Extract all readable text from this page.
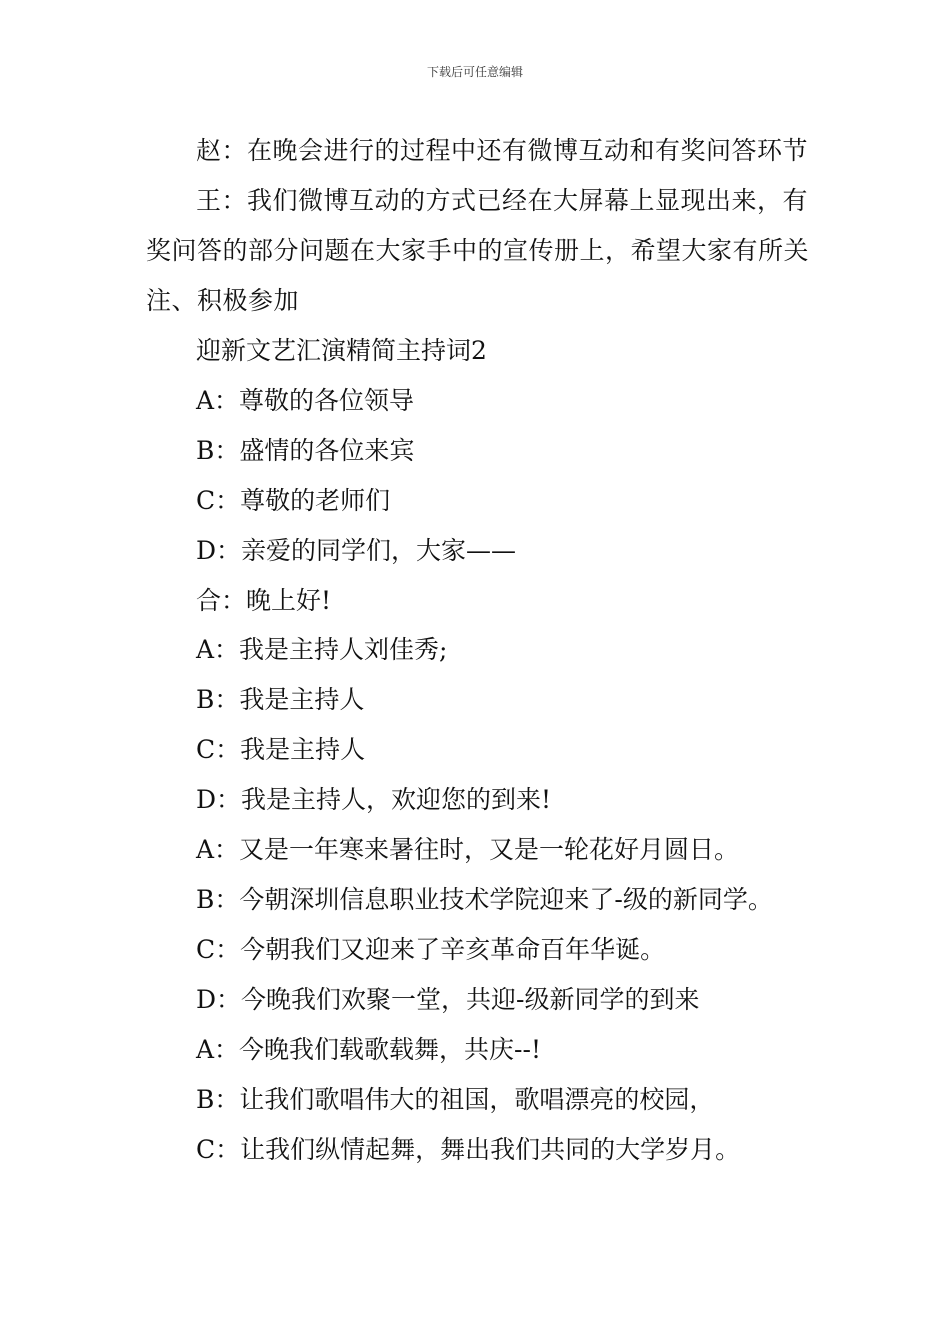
下载后可任意编辑

赵：在晚会进行的过程中还有微博互动和有奖问答环节

王：我们微博互动的方式已经在大屏幕上显现出来，有奖问答的部分问题在大家手中的宣传册上，希望大家有所关注、积极参加

迎新文艺汇演精简主持词2

A：尊敬的各位领导

B：盛情的各位来宾

C：尊敬的老师们

D：亲爱的同学们，大家——

合：晚上好!

A：我是主持人刘佳秀;

B：我是主持人

C：我是主持人

D：我是主持人，欢迎您的到来!

A：又是一年寒来暑往时，又是一轮花好月圆日。

B：今朝深圳信息职业技术学院迎来了-级的新同学。

C：今朝我们又迎来了辛亥革命百年华诞。

D：今晚我们欢聚一堂，共迎-级新同学的到来

A：今晚我们载歌载舞，共庆--!

B：让我们歌唱伟大的祖国，歌唱漂亮的校园，

C：让我们纵情起舞，舞出我们共同的大学岁月。
